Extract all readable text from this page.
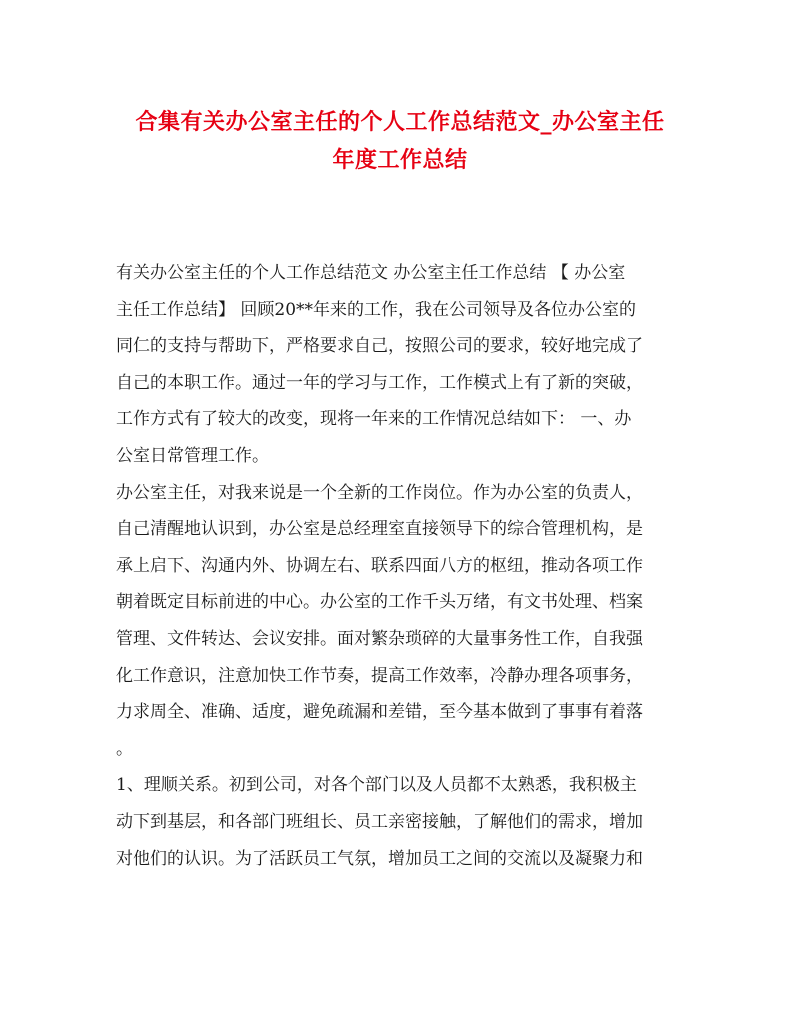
合集有关办公室主任的个人工作总结范文_办公室主任
年度工作总结
有关办公室主任的个人工作总结范文 办公室主任工作总结 【 办公室
主任工作总结】 回顾20**年来的工作，我在公司领导及各位办公室的
同仁的支持与帮助下，严格要求自己，按照公司的要求，较好地完成了
自己的本职工作。通过一年的学习与工作，工作模式上有了新的突破，
工作方式有了较大的改变，现将一年来的工作情况总结如下： 一、办
公室日常管理工作。
办公室主任，对我来说是一个全新的工作岗位。作为办公室的负责人，
自己清醒地认识到，办公室是总经理室直接领导下的综合管理机构，是
承上启下、沟通内外、协调左右、联系四面八方的枢纽，推动各项工作
朝着既定目标前进的中心。办公室的工作千头万绪，有文书处理、档案
管理、文件转达、会议安排。面对繁杂琐碎的大量事务性工作，自我强
化工作意识，注意加快工作节奏，提高工作效率，冷静办理各项事务，
力求周全、准确、适度，避免疏漏和差错，至今基本做到了事事有着落
。
1、理顺关系。初到公司，对各个部门以及人员都不太熟悉，我积极主
动下到基层，和各部门班组长、员工亲密接触，了解他们的需求，增加
对他们的认识。为了活跃员工气氛，增加员工之间的交流以及凝聚力和
